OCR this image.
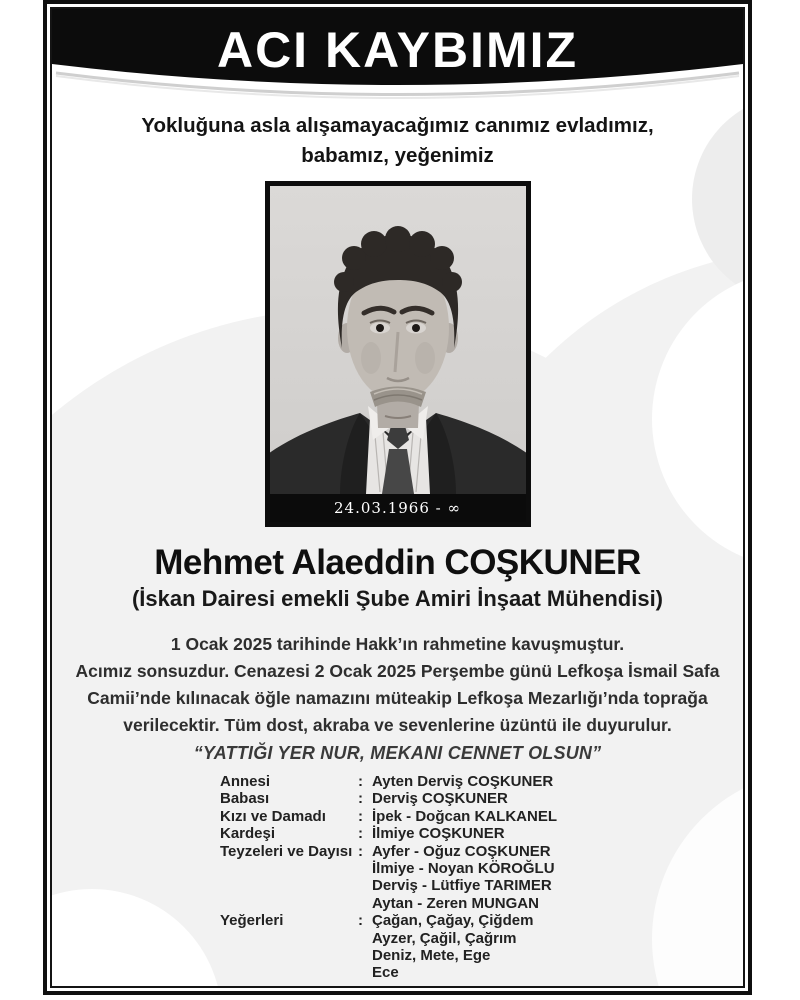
ACI KAYBIMIZ
Yokluğuna asla alışamayacağımız canımız evladımız,
babamız, yeğenimiz
24.03.1966 - ∞
Mehmet Alaeddin COŞKUNER
(İskan Dairesi emekli Şube Amiri İnşaat Mühendisi)
1 Ocak 2025 tarihinde Hakk’ın rahmetine kavuşmuştur.
Acımız sonsuzdur. Cenazesi 2 Ocak 2025 Perşembe günü Lefkoşa İsmail Safa
Camii’nde kılınacak öğle namazını müteakip Lefkoşa Mezarlığı’nda toprağa
verilecektir. Tüm dost, akraba ve sevenlerine üzüntü ile duyurulur.
“YATTIĞI YER NUR, MEKANI CENNET OLSUN”
Annesi	: Ayten Derviş COŞKUNER
Babası	: Derviş COŞKUNER
Kızı ve Damadı	: İpek - Doğcan KALKANEL
Kardeşi	: İlmiye COŞKUNER
Teyzeleri ve Dayısı : Ayfer - Oğuz COŞKUNER
İlmiye - Noyan KÖROĞLU
Derviş - Lütfiye TARIMER
Aytan - Zeren MUNGAN
Yeğerleri	: Çağan, Çağay, Çiğdem
Ayzer, Çağil, Çağrım
Deniz, Mete, Ege
Ece
